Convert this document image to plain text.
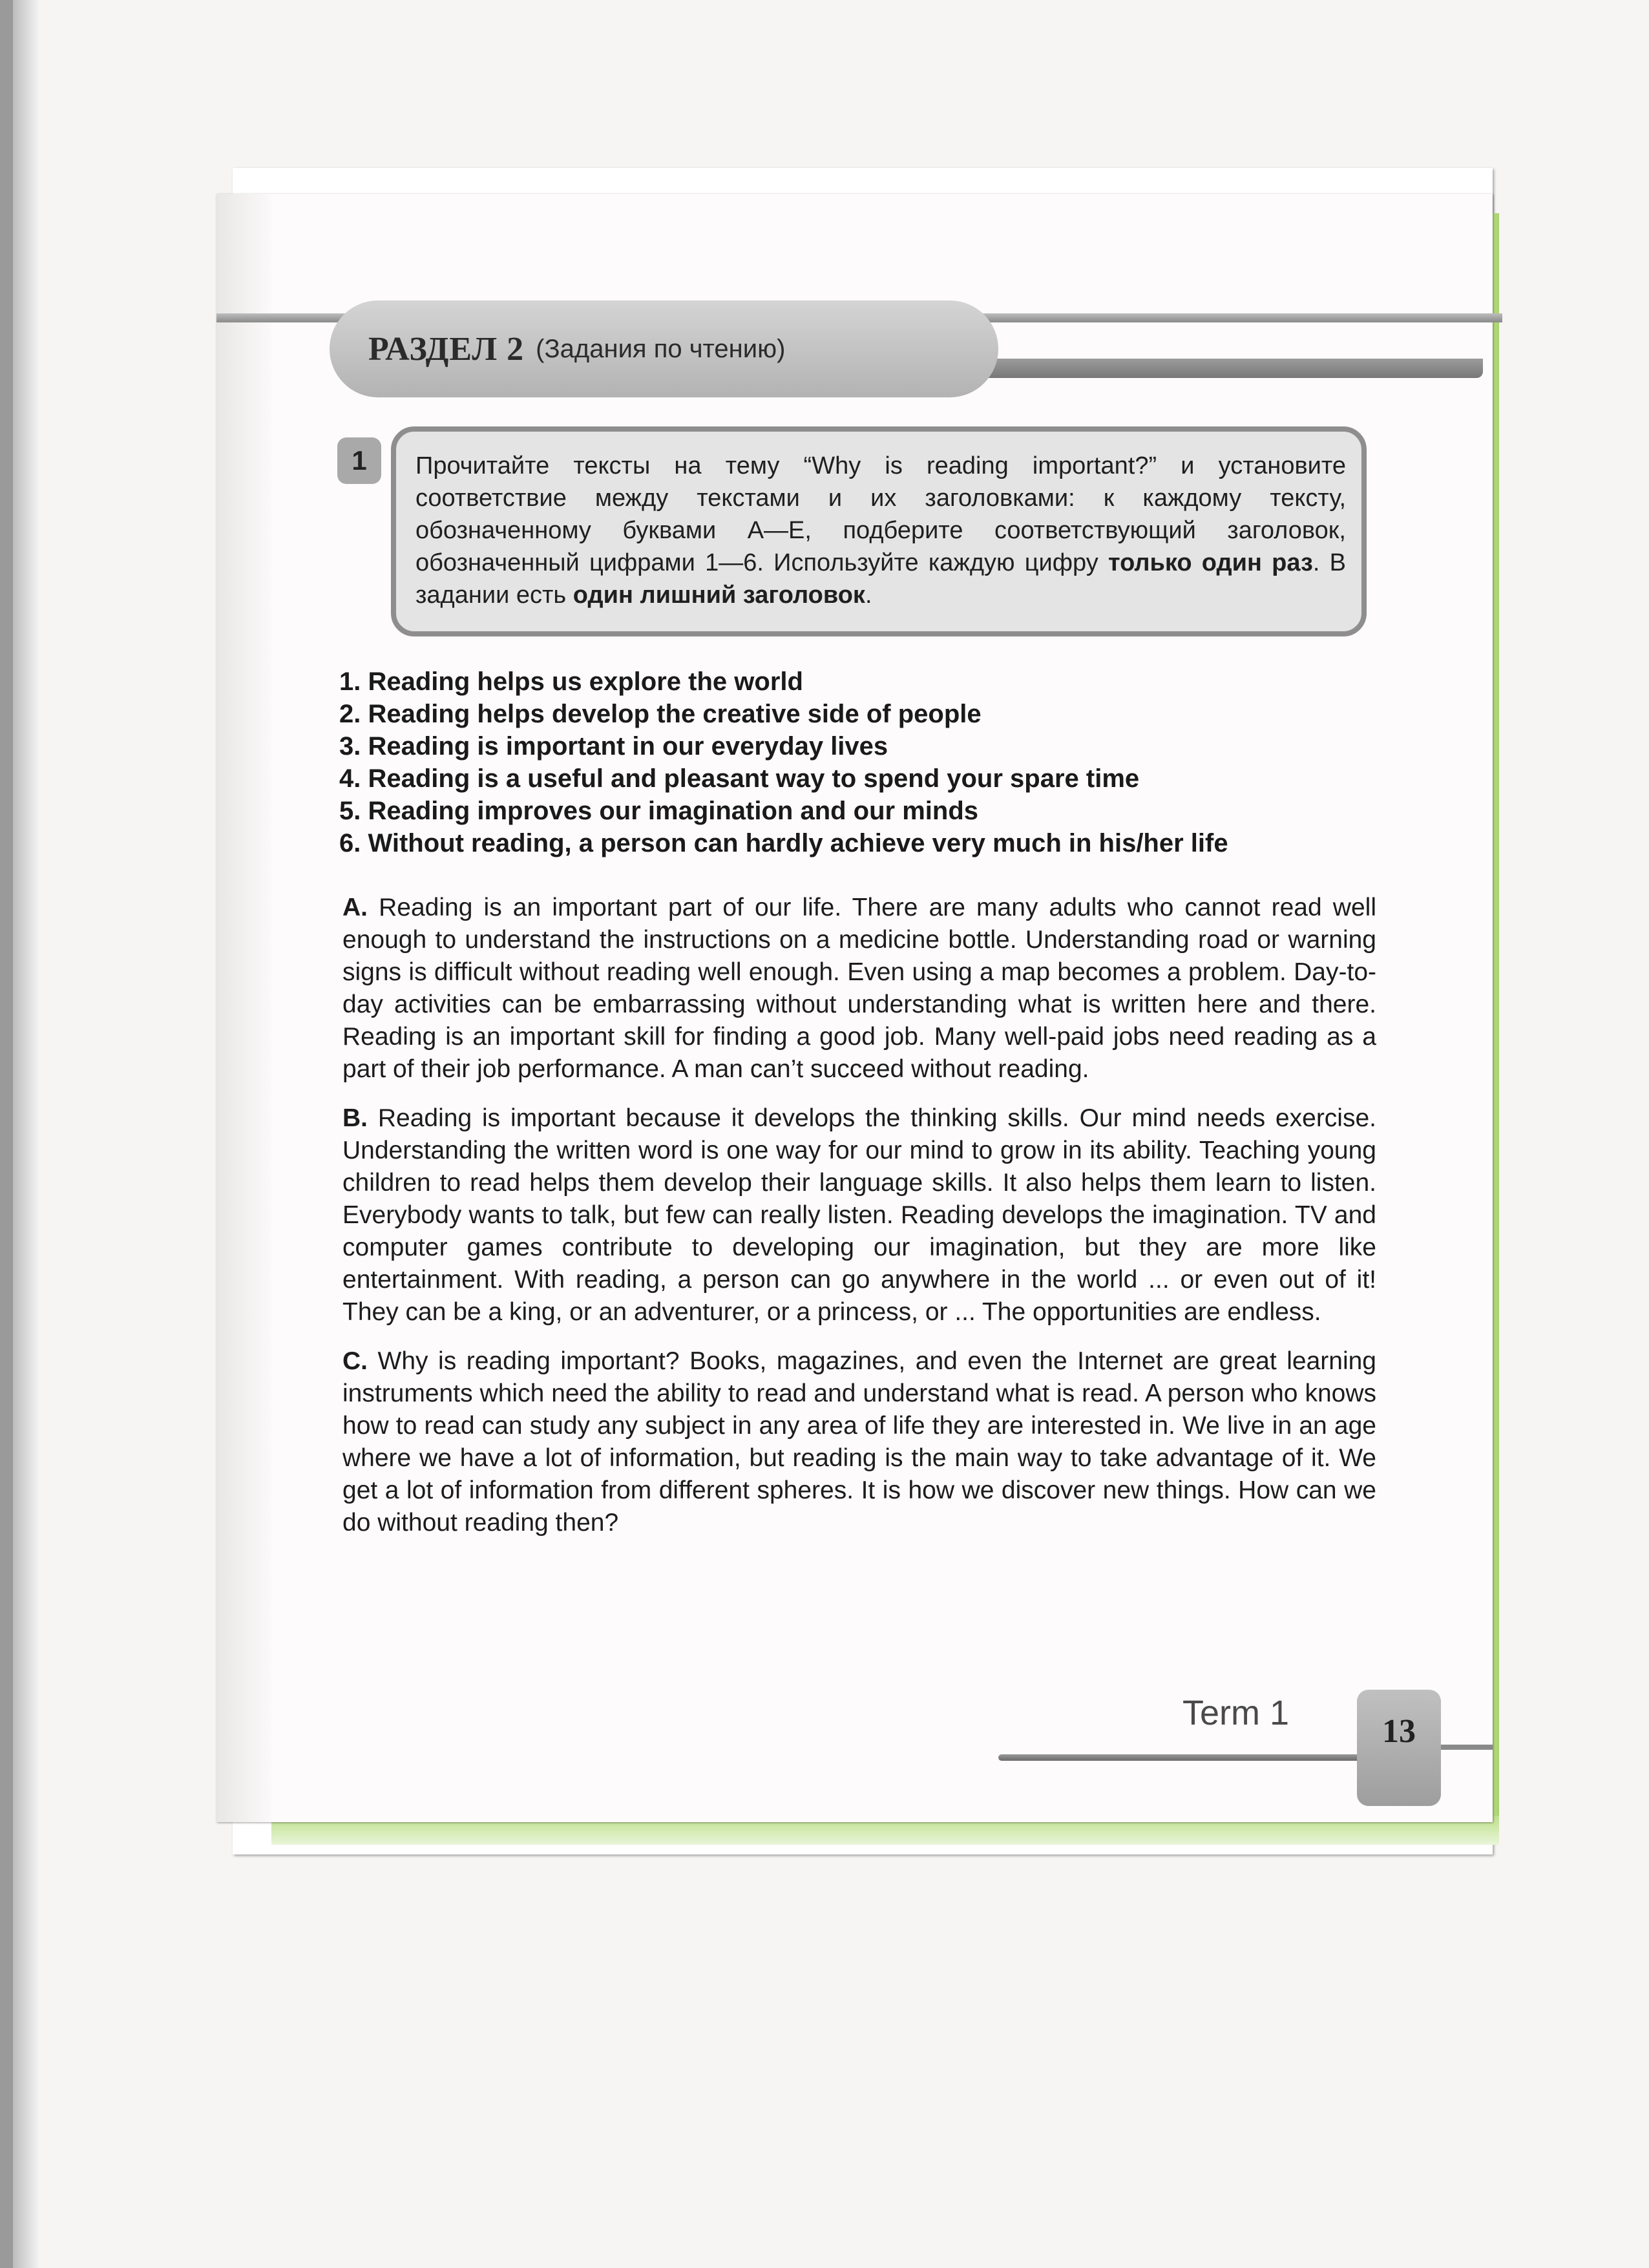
РАЗДЕЛ 2 (Задания по чтению)
1	Прочитайте тексты на тему “Why is reading important?” и установите соответствие между текстами и их заголовками: к каждому тексту, обозначенному буквами A—E, подберите соответствующий заголовок, обозначенный цифрами 1—6. Используйте каждую цифру только один раз. В задании есть один лишний заголовок.
1. Reading helps us explore the world
2. Reading helps develop the creative side of people
3. Reading is important in our everyday lives
4. Reading is a useful and pleasant way to spend your spare time
5. Reading improves our imagination and our minds
6. Without reading, a person can hardly achieve very much in his/her life

A. Reading is an important part of our life. There are many adults who cannot read well enough to understand the instructions on a medicine bottle. Understanding road or warning signs is difficult without reading well enough. Even using a map becomes a problem. Day-to-day activities can be embarrassing without understanding what is written here and there. Reading is an important skill for finding a good job. Many well-paid jobs need reading as a part of their job performance. A man can’t succeed without reading.

B. Reading is important because it develops the thinking skills. Our mind needs exercise. Understanding the written word is one way for our mind to grow in its ability. Teaching young children to read helps them develop their language skills. It also helps them learn to listen. Everybody wants to talk, but few can really listen. Reading develops the imagination. TV and computer games contribute to developing our imagination, but they are more like entertainment. With reading, a person can go anywhere in the world ... or even out of it! They can be a king, or an adventurer, or a princess, or ... The opportunities are endless.

C. Why is reading important? Books, magazines, and even the Internet are great learning instruments which need the ability to read and understand what is read. A person who knows how to read can study any subject in any area of life they are interested in. We live in an age where we have a lot of information, but reading is the main way to take advantage of it. We get a lot of information from different spheres. It is how we discover new things. How can we do without reading then?

Term 1	13
